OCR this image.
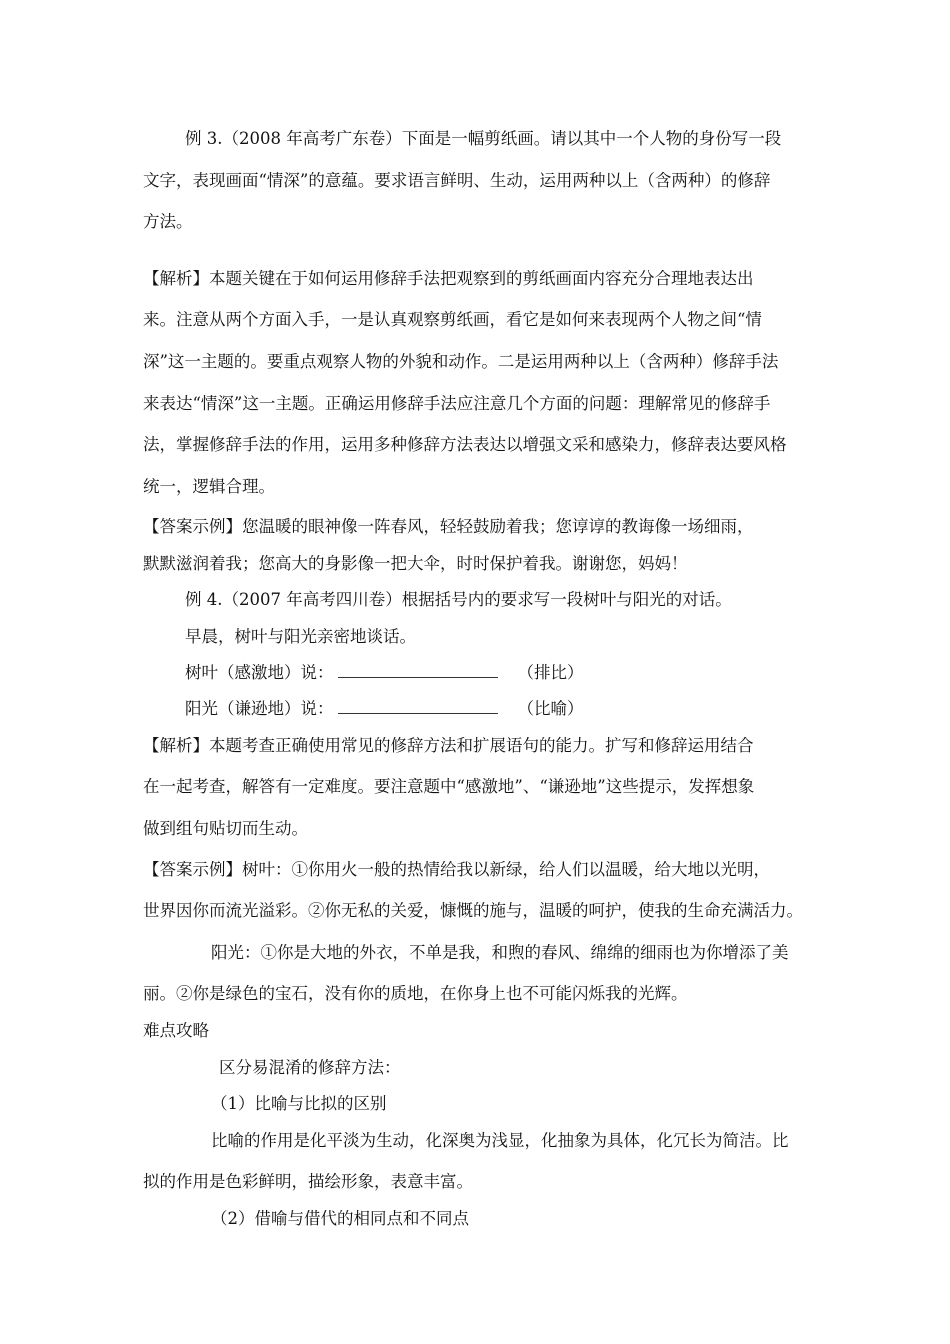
例 3.（2008 年高考广东卷）下面是一幅剪纸画。请以其中一个人物的身份写一段
文字，表现画面“情深”的意蕴。要求语言鲜明、生动，运用两种以上（含两种）的修辞
方法。
【解析】本题关键在于如何运用修辞手法把观察到的剪纸画面内容充分合理地表达出
来。注意从两个方面入手，一是认真观察剪纸画，看它是如何来表现两个人物之间“情
深”这一主题的。要重点观察人物的外貌和动作。二是运用两种以上（含两种）修辞手法
来表达“情深”这一主题。正确运用修辞手法应注意几个方面的问题：理解常见的修辞手
法，掌握修辞手法的作用，运用多种修辞方法表达以增强文采和感染力，修辞表达要风格
统一，逻辑合理。
【答案示例】您温暖的眼神像一阵春风，轻轻鼓励着我；您谆谆的教诲像一场细雨，
默默滋润着我；您高大的身影像一把大伞，时时保护着我。谢谢您，妈妈！
例 4.（2007 年高考四川卷）根据括号内的要求写一段树叶与阳光的对话。
早晨，树叶与阳光亲密地谈话。
树叶（感激地）说：	（排比）
阳光（谦逊地）说：	（比喻）
【解析】本题考查正确使用常见的修辞方法和扩展语句的能力。扩写和修辞运用结合
在一起考查，解答有一定难度。要注意题中“感激地”、“谦逊地”这些提示，发挥想象
做到组句贴切而生动。
【答案示例】树叶：①你用火一般的热情给我以新绿，给人们以温暖，给大地以光明，
世界因你而流光溢彩。②你无私的关爱，慷慨的施与，温暖的呵护，使我的生命充满活力。
阳光：①你是大地的外衣，不单是我，和煦的春风、绵绵的细雨也为你增添了美
丽。②你是绿色的宝石，没有你的质地，在你身上也不可能闪烁我的光辉。
难点攻略
区分易混淆的修辞方法：
（1）比喻与比拟的区别
比喻的作用是化平淡为生动，化深奥为浅显，化抽象为具体，化冗长为简洁。比
拟的作用是色彩鲜明，描绘形象，表意丰富。
（2）借喻与借代的相同点和不同点
